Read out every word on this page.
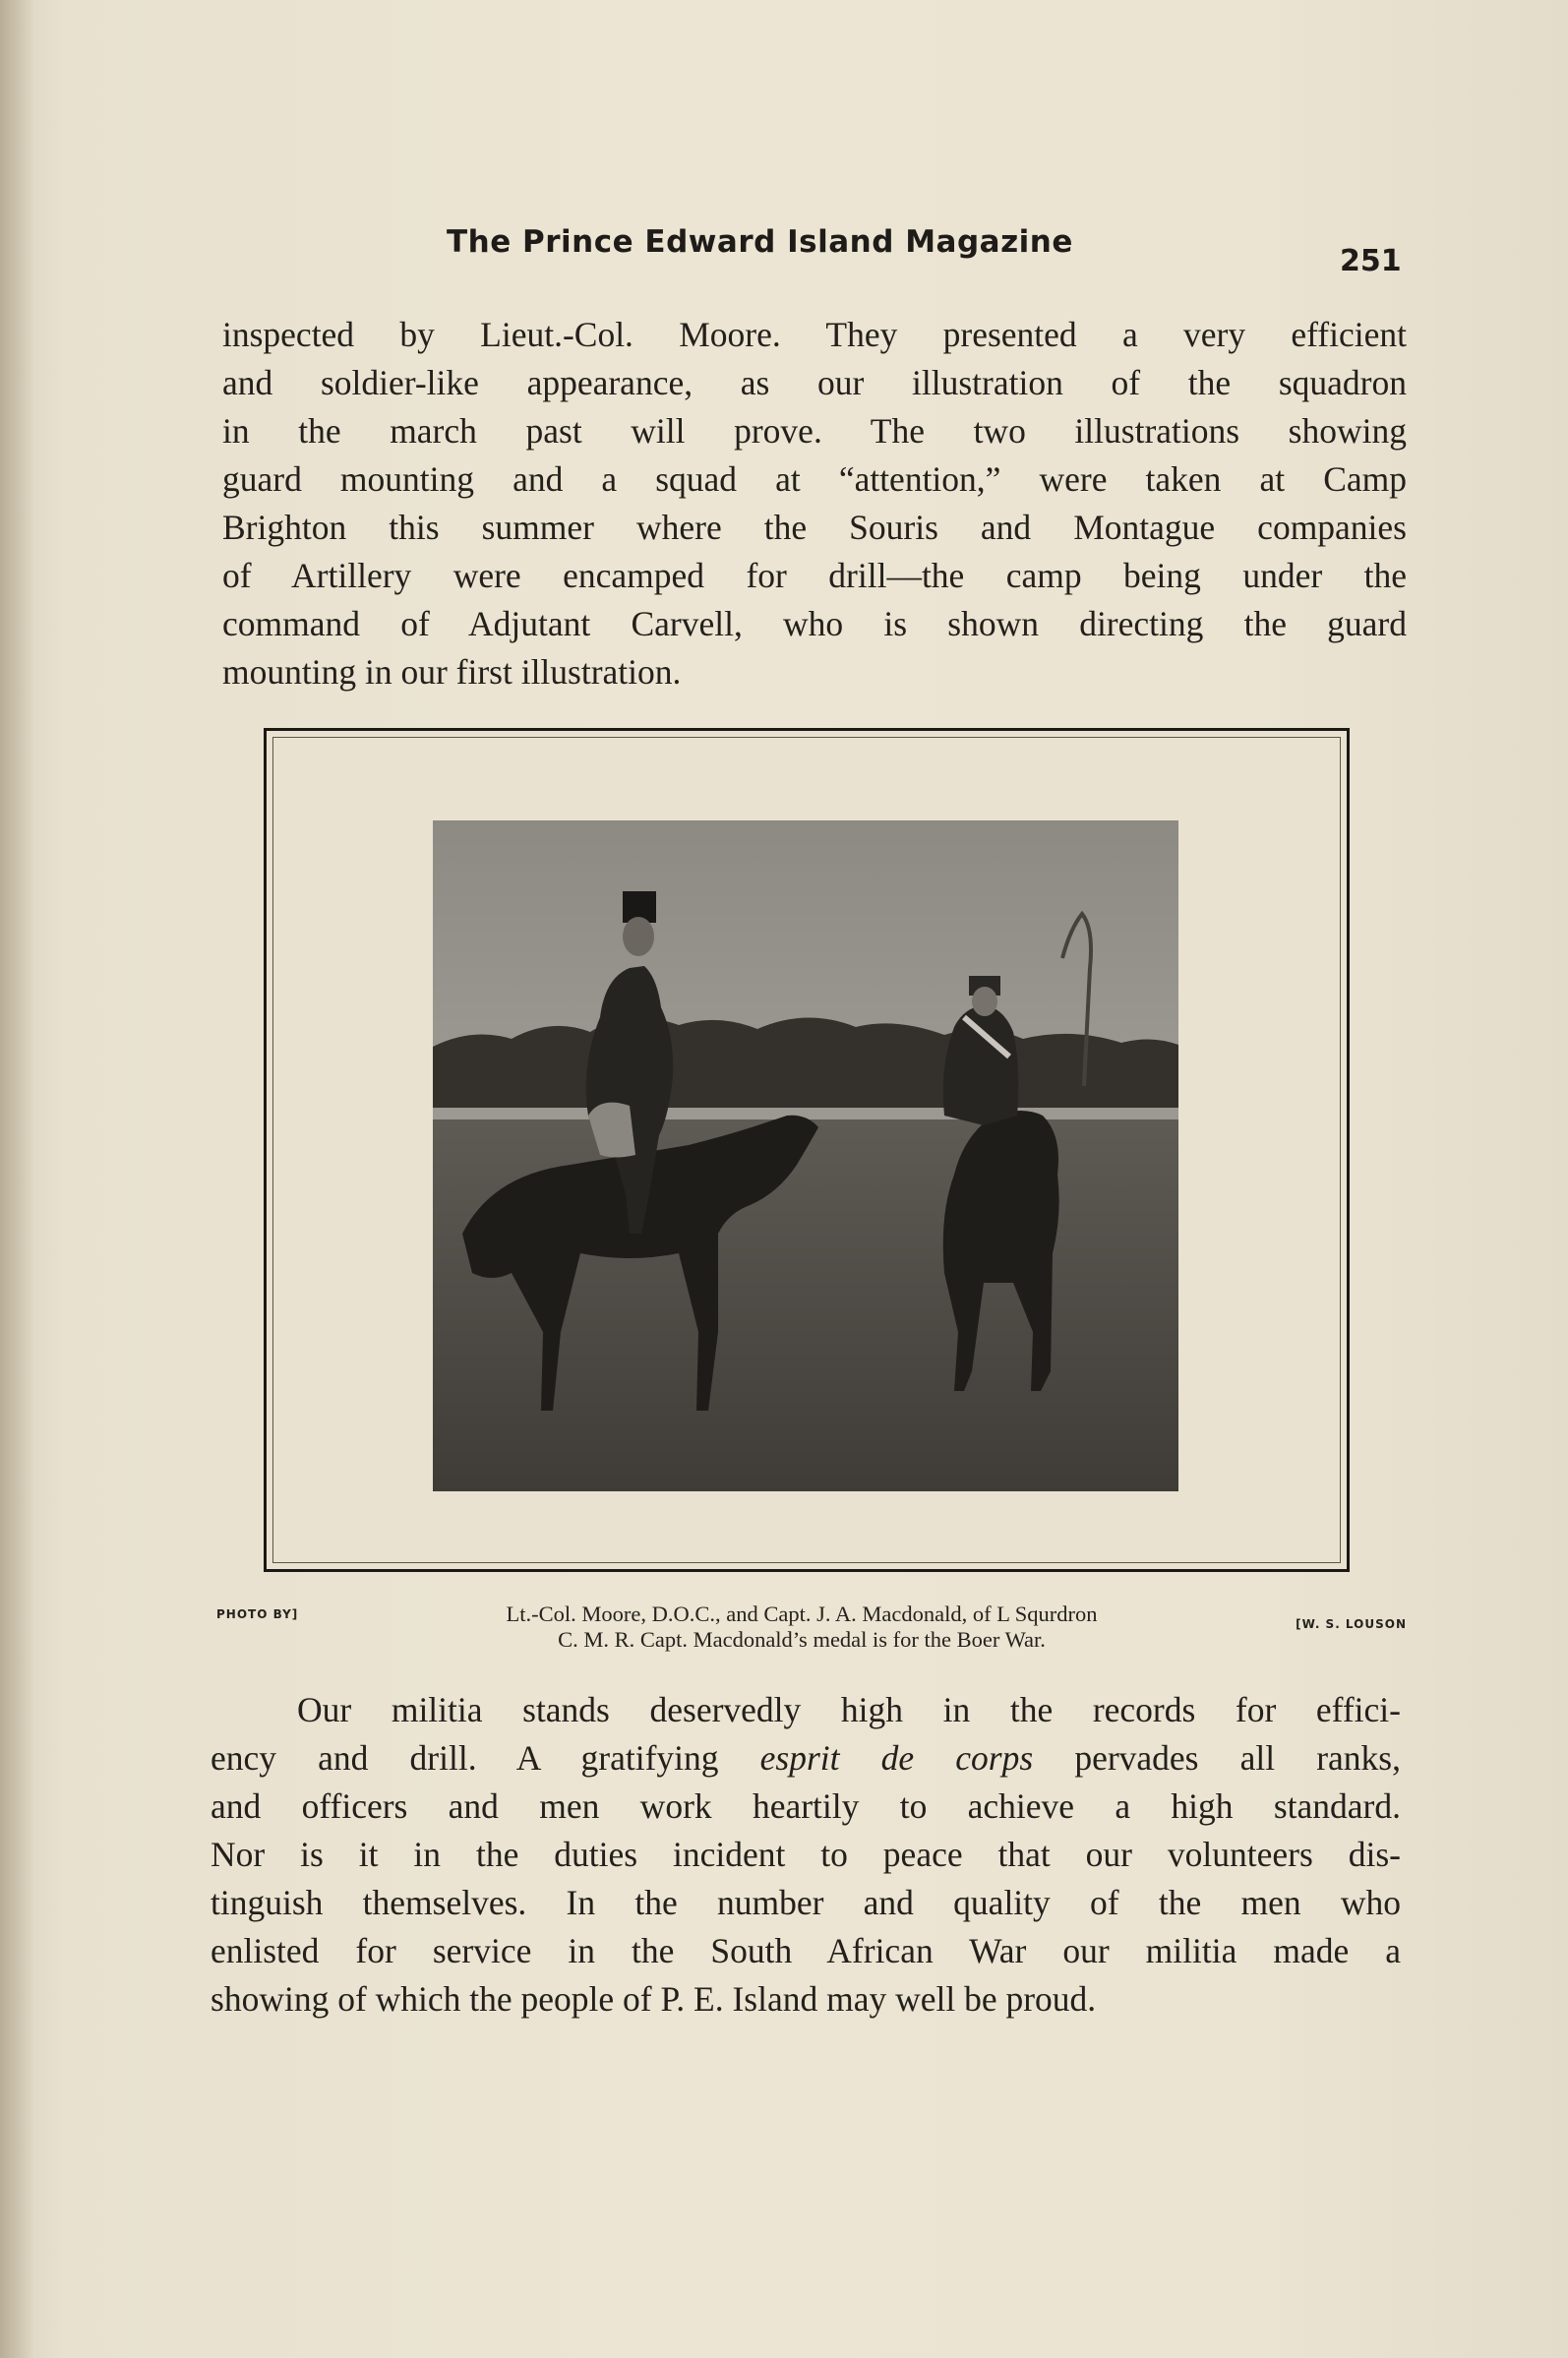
The Prince Edward Island Magazine
251
inspected by Lieut.-Col. Moore. They presented a very efficient
and soldier-like appearance, as our illustration of the squadron
in the march past will prove. The two illustrations showing
guard mounting and a squad at “attention,” were taken at Camp
Brighton this summer where the Souris and Montague companies
of Artillery were encamped for drill—the camp being under the
command of Adjutant Carvell, who is shown directing the guard
mounting in our first illustration.
PHOTO BY]	Lt.-Col. Moore, D.O.C., and Capt. J. A. Macdonald, of L Squrdron
C. M. R. Capt. Macdonald’s medal is for the Boer War.
[W. S. LOUSON
Our militia stands deservedly high in the records for effici-
ency and drill. A gratifying esprit de corps pervades all ranks,
and officers and men work heartily to achieve a high standard.
Nor is it in the duties incident to peace that our volunteers dis-
tinguish themselves. In the number and quality of the men who
enlisted for service in the South African War our militia made a
showing of which the people of P. E. Island may well be proud.
